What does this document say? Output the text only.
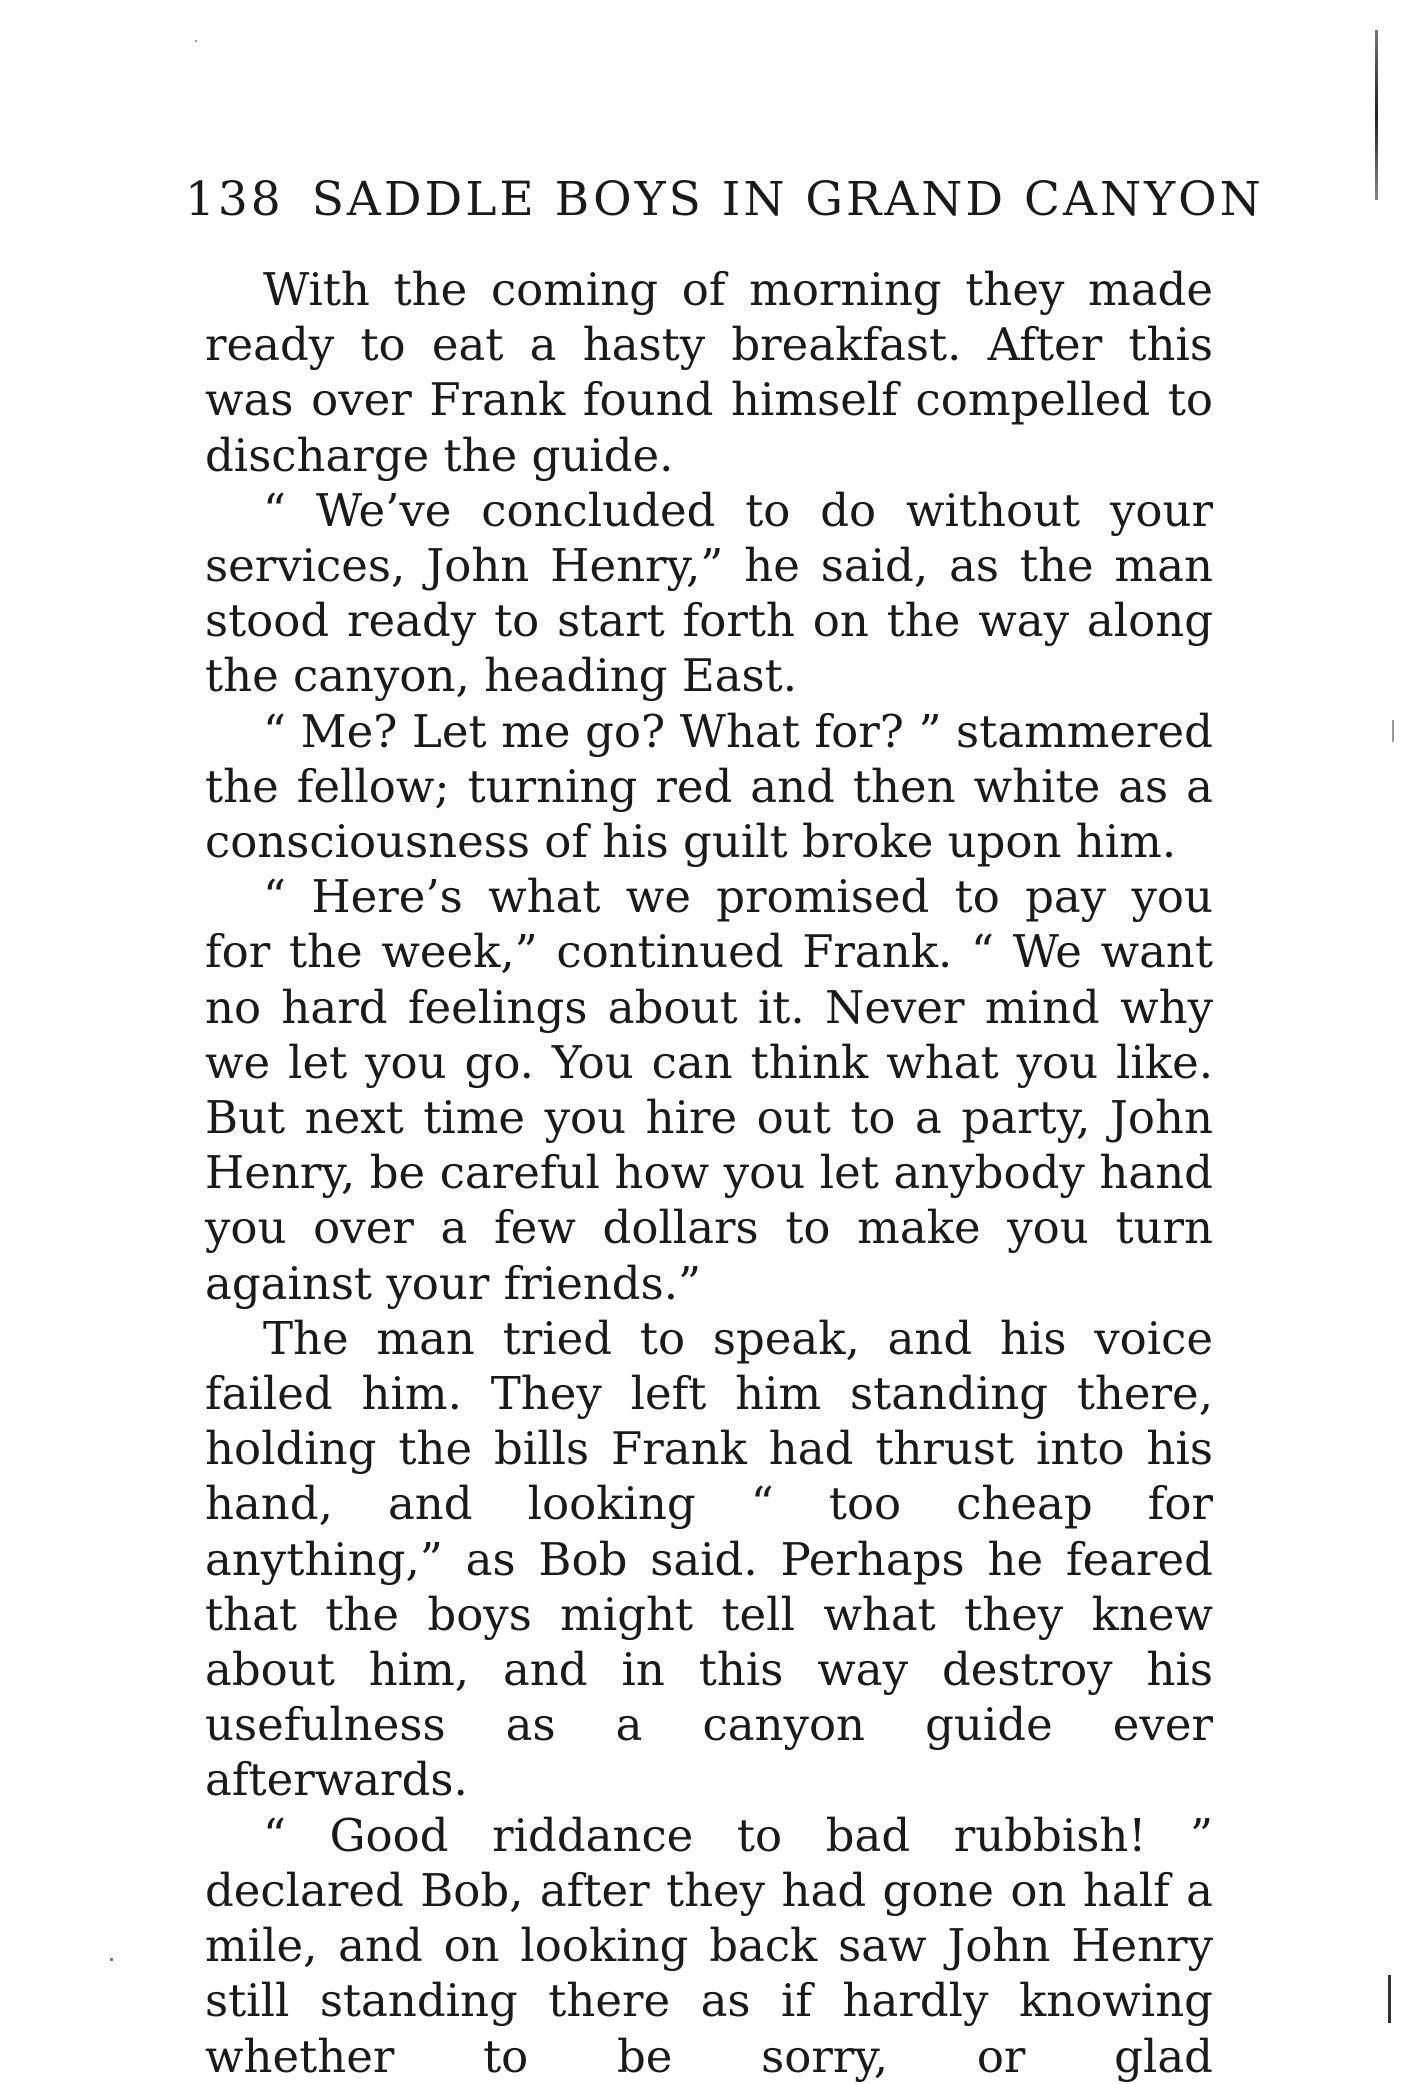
138 SADDLE BOYS IN GRAND CANYON

With the coming of morning they made ready to eat a hasty breakfast. After this was over Frank found himself compelled to discharge the guide.

“ We’ve concluded to do without your services, John Henry,” he said, as the man stood ready to start forth on the way along the canyon, heading East.

“ Me? Let me go? What for? ” stammered the fellow; turning red and then white as a consciousness of his guilt broke upon him.

“ Here’s what we promised to pay you for the week,” continued Frank. “ We want no hard feelings about it. Never mind why we let you go. You can think what you like. But next time you hire out to a party, John Henry, be careful how you let anybody hand you over a few dollars to make you turn against your friends.”

The man tried to speak, and his voice failed him. They left him standing there, holding the bills Frank had thrust into his hand, and looking “ too cheap for anything,” as Bob said. Perhaps he feared that the boys might tell what they knew about him, and in this way destroy his usefulness as a canyon guide ever afterwards.

“ Good riddance to bad rubbish! ” declared Bob, after they had gone on half a mile, and on looking back saw John Henry still standing there as if hardly knowing whether to be sorry, or glad
